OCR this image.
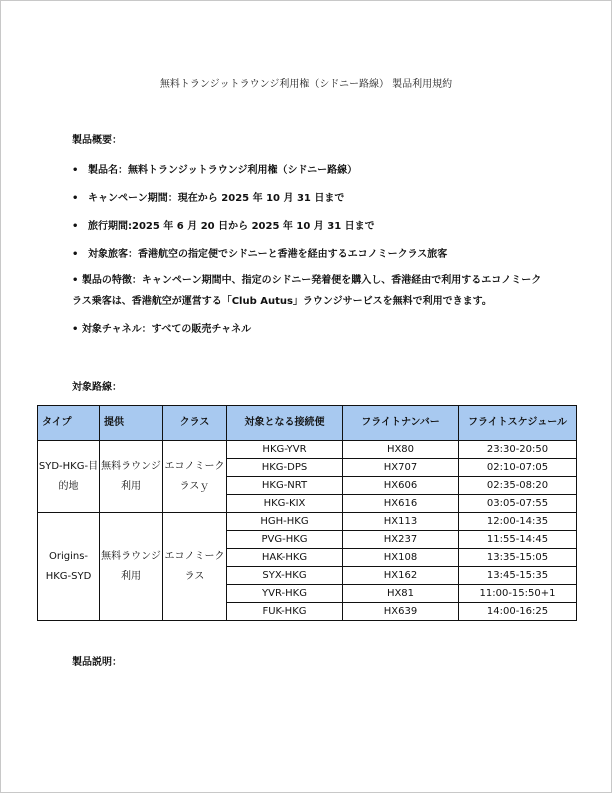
無料トランジットラウンジ利用権（シドニー路線） 製品利用規約
製品概要：
• 製品名：無料トランジットラウンジ利用権（シドニー路線）
• キャンペーン期間：現在から 2025 年 10 月 31 日まで
• 旅行期間:2025 年 6 月 20 日から 2025 年 10 月 31 日まで
• 対象旅客：香港航空の指定便でシドニーと香港を経由するエコノミークラス旅客
• 製品の特徴：キャンペーン期間中、指定のシドニー発着便を購入し、香港経由で利用するエコノミークラス乗客は、香港航空が運営する「Club Autus」ラウンジサービスを無料で利用できます。
• 対象チャネル：すべての販売チャネル
対象路線：
タイプ	提供	クラス	対象となる接続便	フライトナンバー	フライトスケジュール
SYD-HKG-目的地	無料ラウンジ利用	エコノミークラスｙ	HKG-YVR	HX80	23:30-20:50
			HKG-DPS	HX707	02:10-07:05
			HKG-NRT	HX606	02:35-08:20
			HKG-KIX	HX616	03:05-07:55
Origins-HKG-SYD	無料ラウンジ利用	エコノミークラス	HGH-HKG	HX113	12:00-14:35
			PVG-HKG	HX237	11:55-14:45
			HAK-HKG	HX108	13:35-15:05
			SYX-HKG	HX162	13:45-15:35
			YVR-HKG	HX81	11:00-15:50+1
			FUK-HKG	HX639	14:00-16:25
製品説明：
